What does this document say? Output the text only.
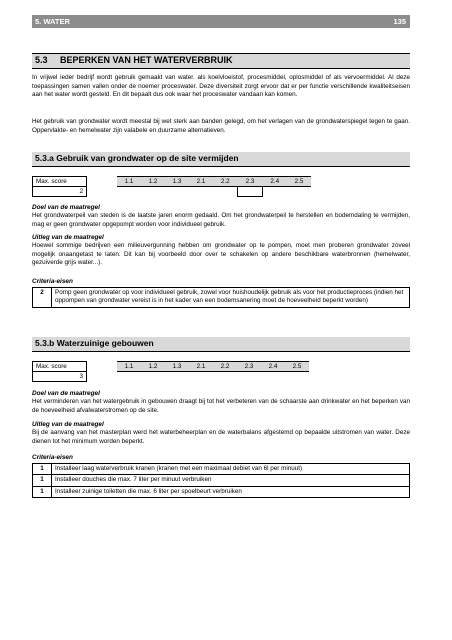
5. WATER	135
5.3 BEPERKEN VAN HET WATERVERBRUIK

In vrijwel ieder bedrijf wordt gebruik gemaakt van water. als koelvloeistof, procesmiddel, oplosmiddel of als vervoermiddel. Al deze toepassingen samen vallen onder de noemer proceswater. Deze diversiteit zorgt ervoor dat er per functie verschillende kwaliteitseisen aan het water wordt gesteld. En dit bepaalt dus ook waar het proceswater vandaan kan komen.

Het gebruik van grondwater wordt meestal bij wet sterk aan banden gelegd, om het verlagen van de grondwaterspiegel tegen te gaan. Oppervlakte- en hemelwater zijn valabele en duurzame alternatieven.

5.3.a Gebruik van grondwater op de site vermijden
Max. score		1.1	1.2	1.3	2.1	2.2	2.3	2.4	2.5
2									
Doel van de maatregel

Het grondwaterpeil van steden is de laatste jaren enorm gedaald. Om het grondwaterpeil te herstellen en bodemdaling te vermijden, mag er geen grondwater opgepompt worden voor individueel gebruik.

Uitleg van de maatregel

Hoewel sommige bedrijven een milieuvergunning hebben om grondwater op te pompen, moet men proberen grondwater zoveel mogelijk onaangetast te laten. Dit kan bij voorbeeld door over te schakelen op andere beschikbare waterbronnen (hemelwater, gezuiverde grijs water...).

Criteria-eisen
2	Pomp geen grondwater op voor individueel gebruik, zowel voor huishoudelijk gebruik als voor het productieproces (indien het oppompen van grondwater vereist is in het kader van een bodemsanering moet de hoeveelheid beperkt worden)
5.3.b Waterzuinige gebouwen
Max. score		1.1	1.2	1.3	2.1	2.2	2.3	2.4	2.5
3									
Doel van de maatregel

Het verminderen van het watergebruik in gebouwen draagt bij tot het verbeteren van de schaarste aan drinkwater en het beperken van de hoeveelheid afvalwaterstromen op de site.

Uitleg van de maatregel

Bij de aanvang van het masterplan werd het waterbeheerplan en de waterbalans afgestemd op bepaalde uitstromen van water. Deze dienen tot het minimum worden beperkt.

Criteria-eisen
1	Installeer laag waterverbruik kranen (kranen met een maximaal debiet van 6l per minuut)
1	Installeer douches die max. 7 liter per minuut verbruiken
1	Installeer zuinige toiletten die max. 6 liter per spoelbeurt verbruiken
